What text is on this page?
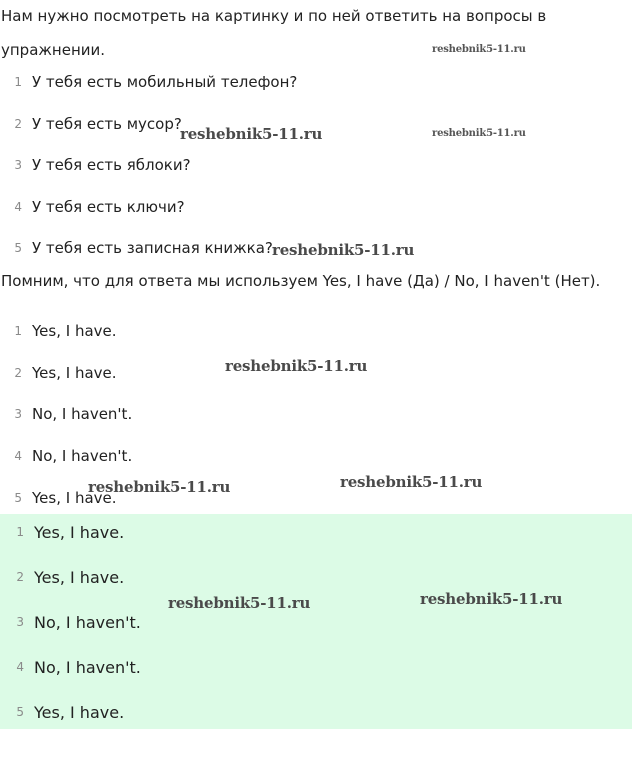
Нам нужно посмотреть на картинку и по ней ответить на вопросы в

упражнении.

1 У тебя есть мобильный телефон?
2 У тебя есть мусор?
3 У тебя есть яблоки?
4 У тебя есть ключи?
5 У тебя есть записная книжка?

Помним, что для ответа мы используем Yes, I have (Да) / No, I haven't (Нет).

1 Yes, I have.
2 Yes, I have.
3 No, I haven't.
4 No, I haven't.
5 Yes, I have.
1 Yes, I have.
2 Yes, I have.
3 No, I haven't.
4 No, I haven't.
5 Yes, I have.
reshebnik5-11.ru
reshebnik5-11.ru
reshebnik5-11.ru
reshebnik5-11.ru
reshebnik5-11.ru
reshebnik5-11.ru	reshebnik5-11.ru
reshebnik5-11.ru	reshebnik5-11.ru
